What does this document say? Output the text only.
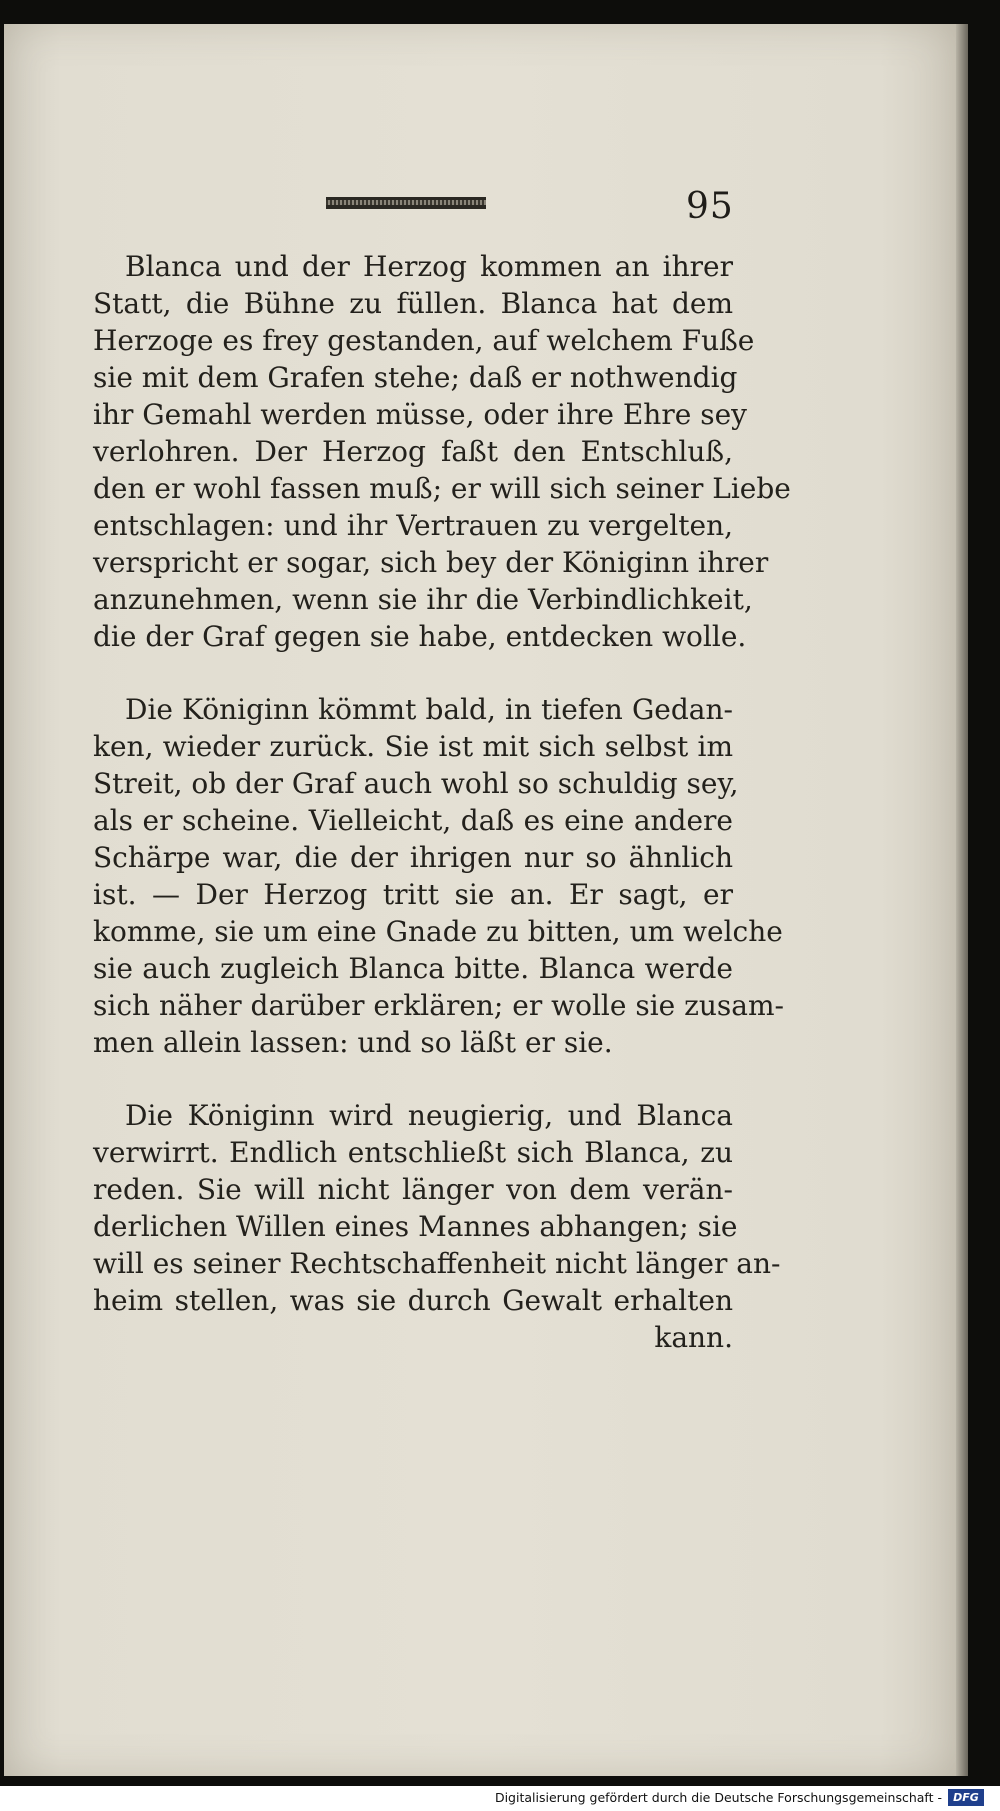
95

Blanca und der Herzog kommen an ihrer
Statt, die Bühne zu füllen. Blanca hat dem
Herzoge es frey gestanden, auf welchem Fuße
sie mit dem Grafen stehe; daß er nothwendig
ihr Gemahl werden müsse, oder ihre Ehre sey
verlohren. Der Herzog faßt den Entschluß,
den er wohl fassen muß; er will sich seiner Liebe
entschlagen: und ihr Vertrauen zu vergelten,
verspricht er sogar, sich bey der Königinn ihrer
anzunehmen, wenn sie ihr die Verbindlichkeit,
die der Graf gegen sie habe, entdecken wolle.

Die Königinn kömmt bald, in tiefen Gedan-
ken, wieder zurück. Sie ist mit sich selbst im
Streit, ob der Graf auch wohl so schuldig sey,
als er scheine. Vielleicht, daß es eine andere
Schärpe war, die der ihrigen nur so ähnlich
ist. — Der Herzog tritt sie an. Er sagt, er
komme, sie um eine Gnade zu bitten, um welche
sie auch zugleich Blanca bitte. Blanca werde
sich näher darüber erklären; er wolle sie zusam-
men allein lassen: und so läßt er sie.

Die Königinn wird neugierig, und Blanca
verwirrt. Endlich entschließt sich Blanca, zu
reden. Sie will nicht länger von dem verän-
derlichen Willen eines Mannes abhangen; sie
will es seiner Rechtschaffenheit nicht länger an-
heim stellen, was sie durch Gewalt erhalten
kann.

Digitalisierung gefördert durch die Deutsche Forschungsgemeinschaft -	DFG
